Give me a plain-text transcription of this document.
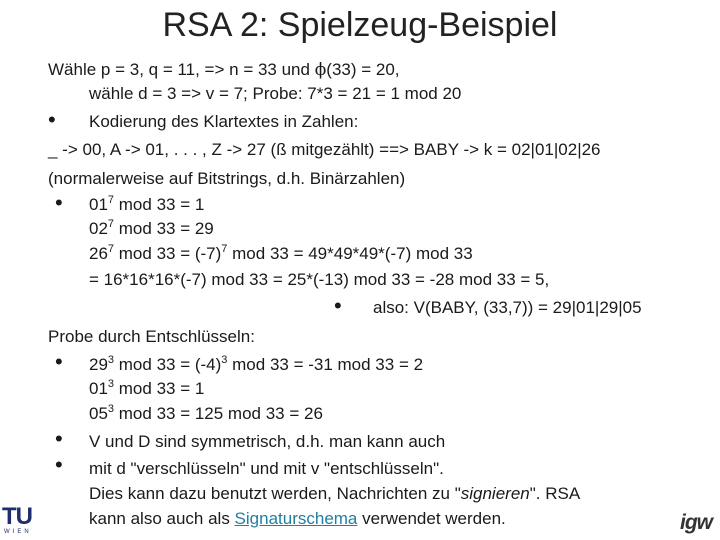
RSA 2: Spielzeug-Beispiel
Wähle p = 3, q = 11, => n = 33 und ϕ(33) = 20,
wähle d = 3 => v = 7; Probe: 7*3 = 21 = 1 mod 20
• Kodierung des Klartextes in Zahlen:
_ -> 00, A -> 01, . . . , Z -> 27 (ß mitgezählt) ==> BABY -> k = 02|01|02|26
(normalerweise auf Bitstrings, d.h. Binärzahlen)
• $01^7$ mod 33 = 1
$02^7$ mod 33 = 29
$26^7$ mod $33 = (-7)^7$ mod 33 = 49*49*49*(-7) mod 33
= 16*16*16*(-7) mod 33 = 25*(-13) mod 33 = -28 mod 33 = 5,
• also: V(BABY, (33,7)) = 29|01|29|05
Probe durch Entschlüsseln:
• $29^3$ mod $33 = (-4)^3$ mod 33 = -31 mod 33 = 2
$01^3$ mod 33 = 1
$05^3$ mod 33 = 125 mod 33 = 26
• V und D sind symmetrisch, d.h. man kann auch
• mit d "verschlüsseln" und mit v "entschlüsseln".
Dies kann dazu benutzt werden, Nachrichten zu "signieren". RSA
kann also auch als Signaturschema verwendet werden.
TU
WIEN	igw
